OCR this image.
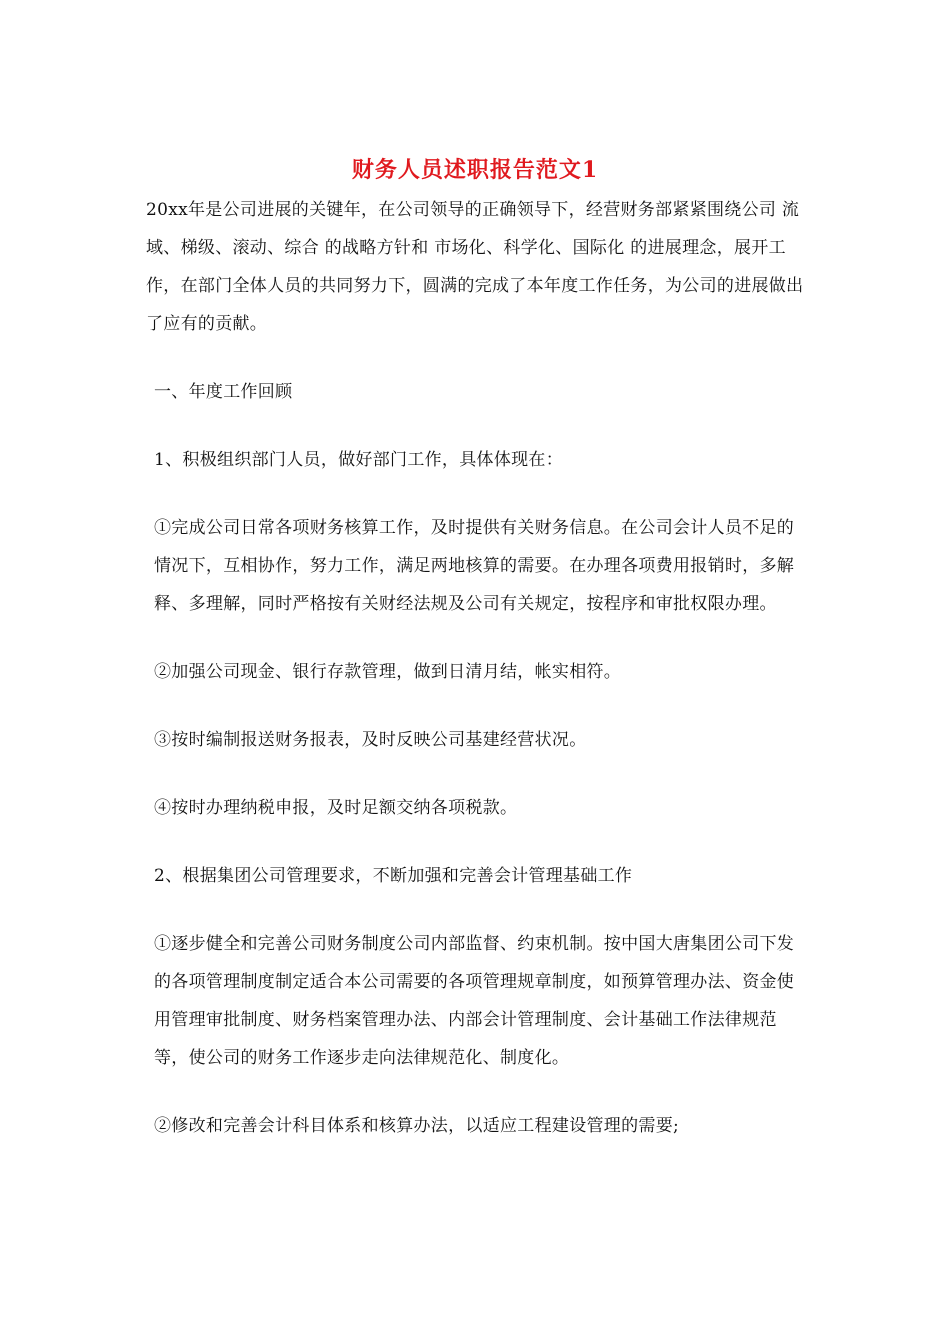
财务人员述职报告范文1

20xx年是公司进展的关键年，在公司领导的正确领导下，经营财务部紧紧围绕公司 流域、梯级、滚动、综合 的战略方针和 市场化、科学化、国际化 的进展理念，展开工作，在部门全体人员的共同努力下，圆满的完成了本年度工作任务，为公司的进展做出了应有的贡献。

一、年度工作回顾

1、积极组织部门人员，做好部门工作，具体体现在：

①完成公司日常各项财务核算工作，及时提供有关财务信息。在公司会计人员不足的情况下，互相协作，努力工作，满足两地核算的需要。在办理各项费用报销时，多解释、多理解，同时严格按有关财经法规及公司有关规定，按程序和审批权限办理。

②加强公司现金、银行存款管理，做到日清月结，帐实相符。

③按时编制报送财务报表，及时反映公司基建经营状况。

④按时办理纳税申报，及时足额交纳各项税款。

2、根据集团公司管理要求，不断加强和完善会计管理基础工作

①逐步健全和完善公司财务制度公司内部监督、约束机制。按中国大唐集团公司下发的各项管理制度制定适合本公司需要的各项管理规章制度，如预算管理办法、资金使用管理审批制度、财务档案管理办法、内部会计管理制度、会计基础工作法律规范等，使公司的财务工作逐步走向法律规范化、制度化。

②修改和完善会计科目体系和核算办法，以适应工程建设管理的需要;
